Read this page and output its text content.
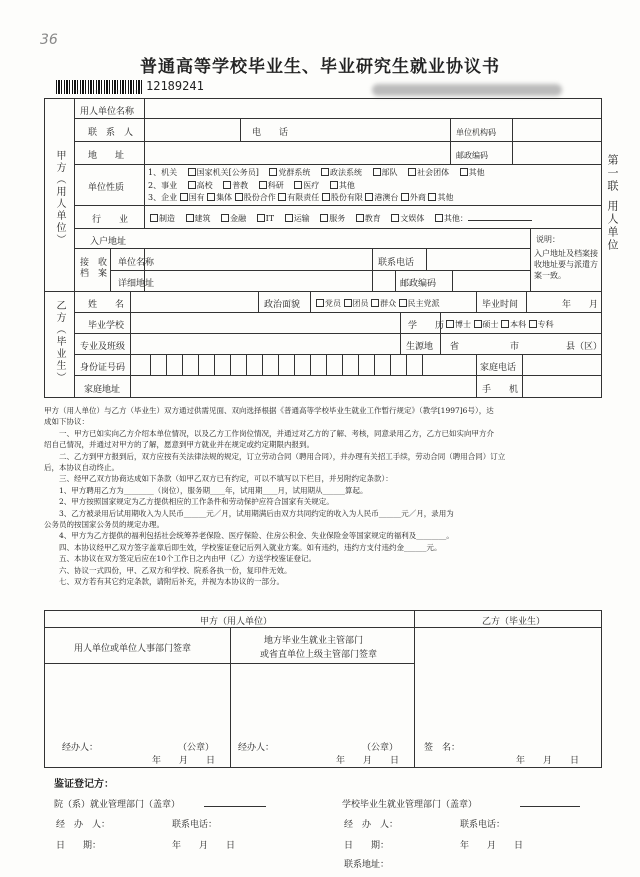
36
普通高等学校毕业生、毕业研究生就业协议书
12189241
第一联
用人单位
甲方（用人单位）
乙方（毕业生）
用人单位名称
联　系　人	电　　话	单位机构码
地　　址	邮政编码
单位性质
1、机关 　 国家机关[公务员] 　 党群系统 　 政法系统 　 部队 　 社会团体 　 其他
2、事业 　 高校 　 普教 　 科研 　 医疗 　 其他
3、企业 国有 集体 股份合作 有限责任 股份有限 港澳台 外商 其他
行　　业	制造　 建筑　 金融　 IT　 运输　 服务　 教育　 文娱体　 其他：
入户地址
接　收
档　案
单位名称	联系电话
详细地址	邮政编码
说明：
入户地址及档案接收地址要与派遣方案一致。
姓　　名	政治面貌	党员 团员 群众 民主党派	毕业时间	年　　月
毕业学校	学　　历	博士 硕士 本科 专科
专业及班级	生源地 省	市	县（区）
身份证号码	家庭电话
家庭地址	手　　机
甲方（用人单位）与乙方（毕业生）双方通过供需见面、双向选择根据《普通高等学校毕业生就业工作暂行规定》（教学[1997]6号），达
成如下协议：
　　一、甲方已如实向乙方介绍本单位情况，以及乙方工作岗位情况，并通过对乙方的了解、考核，同意录用乙方，乙方已如实向甲方介
绍自己情况，并通过对甲方的了解，愿意到甲方就业并在规定或约定期限内报到。
　　二、乙方到甲方报到后，双方应按有关法律法规的规定，订立劳动合同（聘用合同），并办理有关招工手续，劳动合同（聘用合同）订立
后，本协议自动终止。
　　三、经甲乙双方协商达成如下条款（如甲乙双方已有约定，可以不填写以下栏目，并另附约定条款）：
　　1、甲方聘用乙方为________（岗位），服务期____年，试用期____月，试用期从______算起。
　　2、甲方按照国家规定为乙方提供相应的工作条件和劳动保护应符合国家有关规定。
　　3、乙方被录用后试用期收入为人民币______元／月，试用期满后由双方共同约定的收入为人民币______元／月，录用为
公务员的按国家公务员的规定办理。
　　4、甲方为乙方提供的福利包括社会统筹养老保险、医疗保险、住房公积金、失业保险金等国家规定的福利及________。
　　四、本协议经甲乙双方签字盖章后即生效，学校鉴证登记后列入就业方案。如有违约，违约方支付违约金______元。
　　五、本协议在双方签定后应在10个工作日之内由甲（乙）方送学校鉴证登记。
　　六、协议一式四份，甲、乙双方和学校、院系各执一份，复印件无效。
　　七、双方若有其它约定条款，请附后补充，并视为本协议的一部分。
甲方（用人单位）	乙方（毕业生）
用人单位或单位人事部门签章
地方毕业生就业主管部门
或省直单位上级主管部门签章
经办人：	（公章）
年　　月　　日
经办人：	（公章）
年　　月　　日
签　名：
年　　月　　日
鉴证登记方：
院（系）就业管理部门（盖章）	学校毕业生就业管理部门（盖章）
经　办　人：	联系电话：	经　办　人：	联系电话：
日　　期：	年　　月　　日	日　　期：	年　　月　　日
联系地址：
